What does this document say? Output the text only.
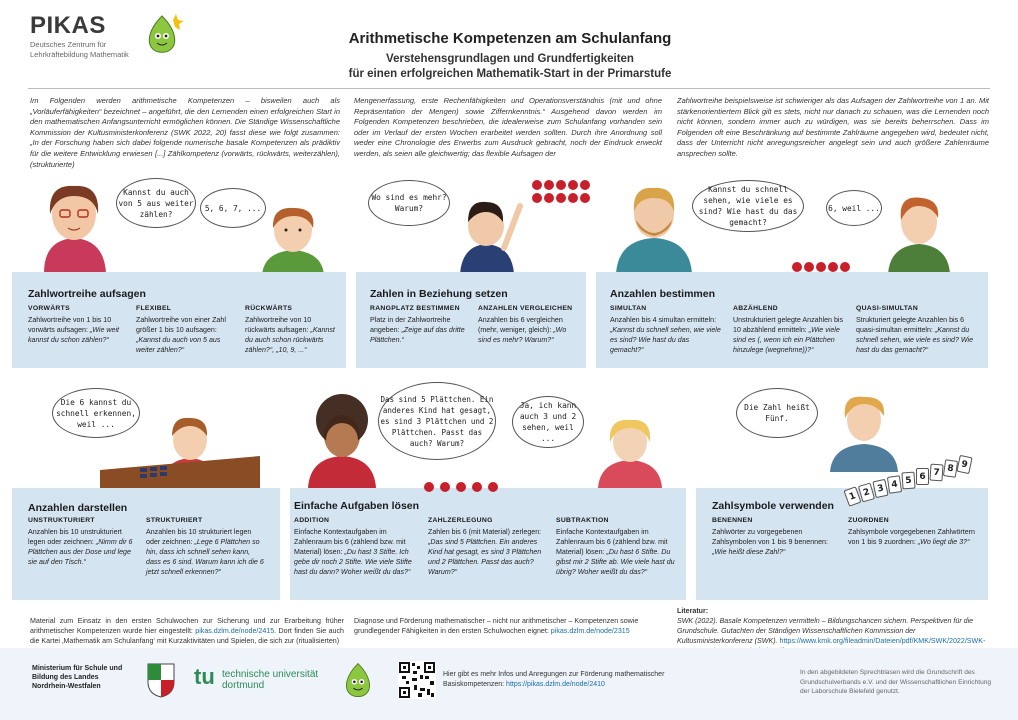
PIKAS
Deutsches Zentrum für Lehrkräftebildung Mathematik
Arithmetische Kompetenzen am Schulanfang
Verstehensgrundlagen und Grundfertigkeiten
für einen erfolgreichen Mathematik-Start in der Primarstufe
Im Folgenden werden arithmetische Kompetenzen – bisweilen auch als „Vorläuferfähigkeiten“ bezeichnet – angeführt, die den Lernenden einen erfolgreichen Start in den mathematischen Anfangsunterricht ermöglichen können. Die Ständige Wissenschaftliche Kommission der Kultusministerkonferenz (SWK 2022, 20) fasst diese wie folgt zusammen: „In der Forschung haben sich dabei folgende numerische basale Kompetenzen als prädiktiv für die weitere Entwicklung erwiesen [...] Zählkompetenz (vorwärts, rückwärts, weiterzählen), (strukturierte)
Mengenerfassung, erste Rechenfähigkeiten und Operationsverständnis (mit und ohne Repräsentation der Mengen) sowie Ziffernkenntnis.“ Ausgehend davon werden im Folgenden Kompetenzen beschrieben, die idealerweise zum Schulanfang vorhanden sein oder im Verlauf der ersten Wochen erarbeitet werden sollten. Durch ihre Anordnung soll weder eine Chronologie des Erwerbs zum Ausdruck gebracht, noch der Eindruck erweckt werden, als seien alle gleichwertig; das flexible Aufsagen der
Zahlwortreihe beispielsweise ist schwieriger als das Aufsagen der Zahlwortreihe von 1 an. Mit stärkenorientiertem Blick gilt es stets, nicht nur danach zu schauen, was die Lernenden noch nicht können, sondern immer auch zu würdigen, was sie bereits beherrschen. Dass im Folgenden oft eine Beschränkung auf bestimmte Zahlräume angegeben wird, bedeutet nicht, dass der Unterricht nicht anregungsreicher angelegt sein und auch größere Zahlenräume ansprechen sollte.
Kannst du auch von 5 aus weiter zählen?
5, 6, 7, ...
Wo sind es mehr? Warum?
Kannst du schnell sehen, wie viele es sind? Wie hast du das gemacht?
6, weil ...
Zahlwortreihe aufsagen
VORWÄRTS
Zahlwortreihe von 1 bis 10 vorwärts aufsagen: „Wie weit kannst du schon zählen?“
FLEXIBEL
Zahlwortreihe von einer Zahl größer 1 bis 10 aufsagen: „Kannst du auch von 5 aus weiter zählen?“
RÜCKWÄRTS
Zahlwortreihe von 10 rückwärts aufsagen: „Kannst du auch schon rückwärts zählen?“, „10, 9, ...“
Zahlen in Beziehung setzen
RANGPLATZ BESTIMMEN
Platz in der Zahlwortreihe angeben: „Zeige auf das dritte Plättchen.“
ANZAHLEN VERGLEICHEN
Anzahlen bis 6 vergleichen (mehr, weniger, gleich): „Wo sind es mehr? Warum?“
Anzahlen bestimmen
SIMULTAN
Anzahlen bis 4 simultan ermitteln: „Kannst du schnell sehen, wie viele es sind? Wie hast du das gemacht?“
ABZÄHLEND
Unstrukturiert gelegte Anzahlen bis 10 abzählend ermitteln: „Wie viele sind es (, wenn ich ein Plättchen hinzulege (wegnehme))?“
QUASI-SIMULTAN
Strukturiert gelegte Anzahlen bis 6 quasi-simultan ermitteln: „Kannst du schnell sehen, wie viele es sind? Wie hast du das gemacht?“
Die 6 kannst du schnell erkennen, weil ...
Das sind 5 Plättchen. Ein anderes Kind hat gesagt, es sind 3 Plättchen und 2 Plättchen. Passt das auch? Warum?
Ja, ich kann auch 3 und 2 sehen, weil ...
Die Zahl heißt Fünf.
Anzahlen darstellen
UNSTRUKTURIERT
Anzahlen bis 10 unstrukturiert legen oder zeichnen: „Nimm dir 6 Plättchen aus der Dose und lege sie auf den Tisch.“
STRUKTURIERT
Anzahlen bis 10 strukturiert legen oder zeichnen: „Lege 6 Plättchen so hin, dass ich schnell sehen kann, dass es 6 sind. Warum kann ich die 6 jetzt schnell erkennen?“
Einfache Aufgaben lösen
ADDITION
Einfache Kontextaufgaben im Zahlenraum bis 6 (zählend bzw. mit Material) lösen: „Du hast 3 Stifte. Ich gebe dir noch 2 Stifte. Wie viele Stifte hast du dann? Woher weißt du das?“
ZAHLZERLEGUNG
Zahlen bis 6 (mit Material) zerlegen: „Das sind 5 Plättchen. Ein anderes Kind hat gesagt, es sind 3 Plättchen und 2 Plättchen. Passt das auch? Warum?“
SUBTRAKTION
Einfache Kontextaufgaben im Zahlenraum bis 6 (zählend bzw. mit Material) lösen: „Du hast 6 Stifte. Du gibst mir 2 Stifte ab. Wie viele hast du übrig? Woher weißt du das?“
Zahlsymbole verwenden
BENENNEN
Zahlwörter zu vorgegebenen Zahlsymbolen von 1 bis 9 benennen: „Wie heißt diese Zahl?“
ZUORDNEN
Zahlsymbole vorgegebenen Zahlwörtern von 1 bis 9 zuordnen: „Wo liegt die 3?“
Material zum Einsatz in den ersten Schulwochen zur Sicherung und zur Erarbeitung früher arithmetischer Kompetenzen wurde hier eingestellt: pikas.dzlm.de/node/2415. Dort finden Sie auch die Kartei ‚Mathematik am Schulanfang‘ mit Kurzaktivitäten und Spielen, die sich zur (ritualisierten)
Diagnose und Förderung mathematischer – nicht nur arithmetischer – Kompetenzen sowie grundlegender Fähigkeiten in den ersten Schulwochen eignet: pikas.dzlm.de/node/2315
Literatur:
SWK (2022). Basale Kompetenzen vermitteln – Bildungschancen sichern. Perspektiven für die Grundschule. Gutachten der Ständigen Wissenschaftlichen Kommission der Kultusministerkonferenz (SWK). https://www.kmk.org/fileadmin/Dateien/pdf/KMK/SWK/2022/SWK-
Ministerium für Schule und Bildung des Landes Nordrhein-Westfalen	tu technische universität
dortmund
Hier gibt es mehr Infos und Anregungen zur Förderung mathematischer Basiskompetenzen: https://pikas.dzlm.de/node/2410
In den abgebildeten Sprechblasen wird die Grundschrift des Grundschulverbands e.V. und der Wissenschaftlichen Einrichtung der Laborschule Bielefeld genutzt.
1 2 3 4 5 6 7 8 9
